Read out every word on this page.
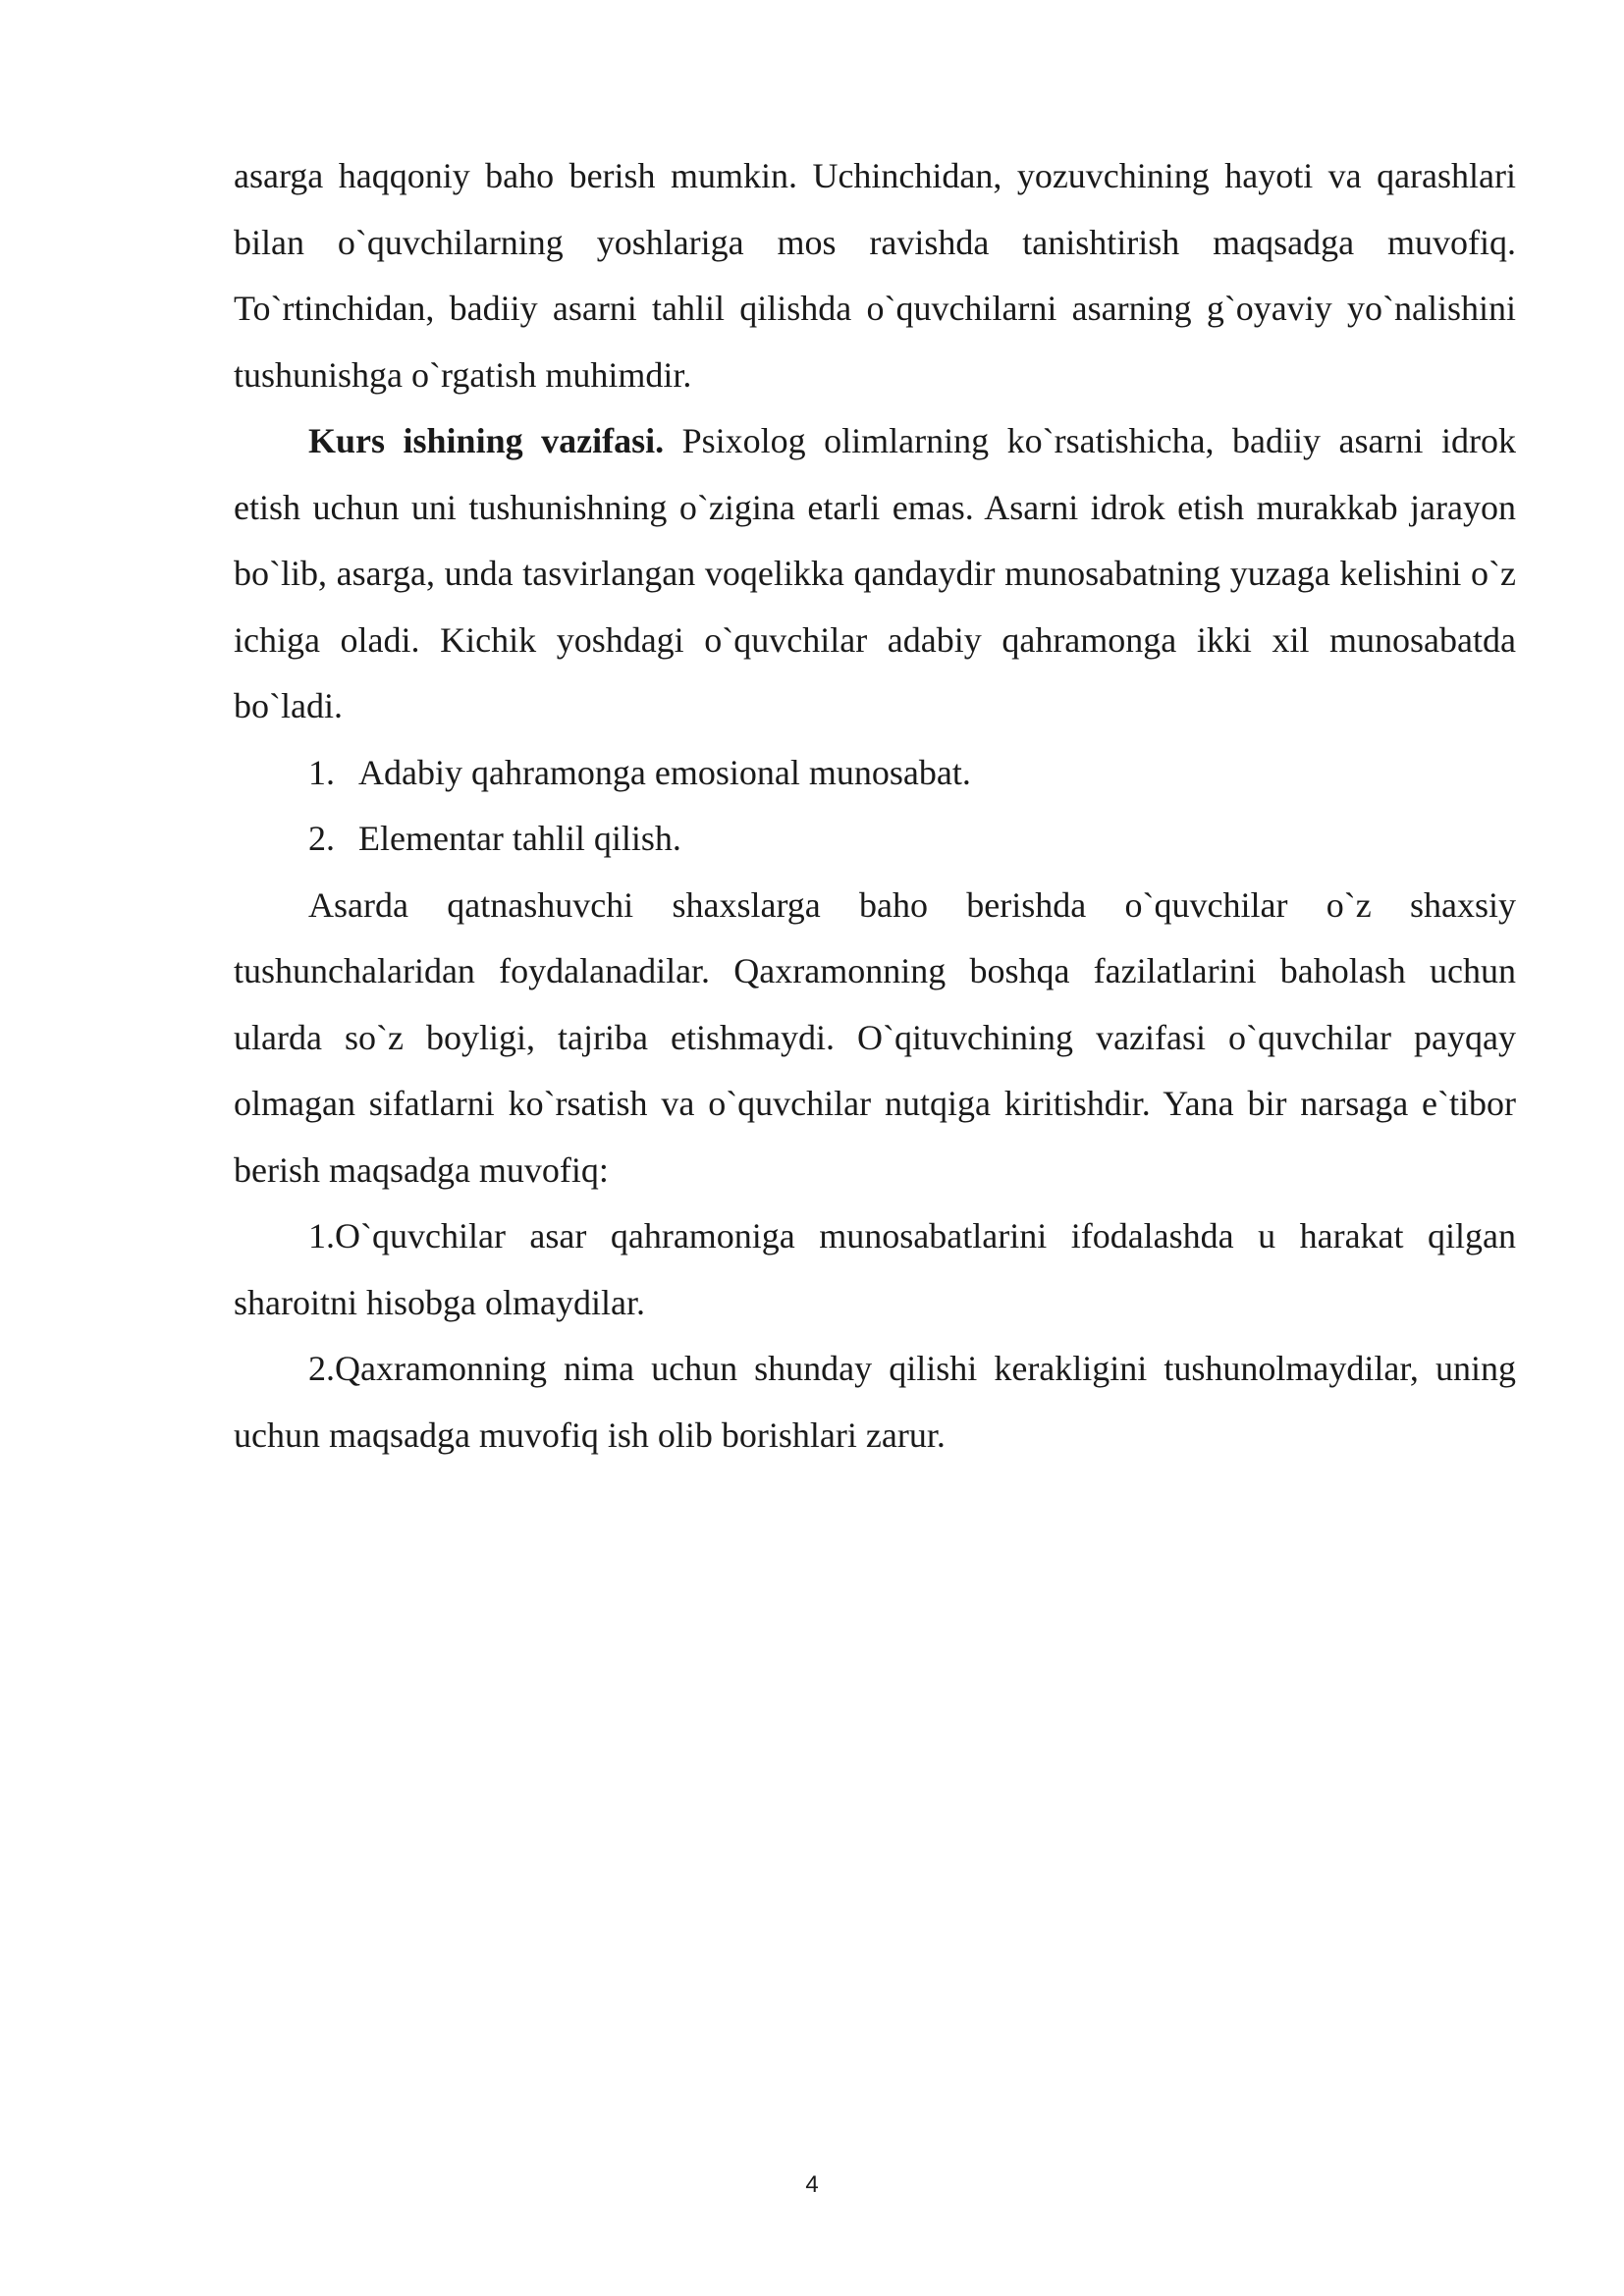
asarga haqqoniy baho berish mumkin. Uchinchidan, yozuvchining hayoti va qarashlari bilan o`quvchilarning yoshlariga mos ravishda tanishtirish maqsadga muvofiq. To`rtinchidan, badiiy asarni tahlil qilishda o`quvchilarni asarning g`oyaviy yo`nalishini tushunishga o`rgatish muhimdir.

Kurs ishining vazifasi. Psixolog olimlarning ko`rsatishicha, badiiy asarni idrok etish uchun uni tushunishning o`zigina etarli emas. Asarni idrok etish murakkab jarayon bo`lib, asarga, unda tasvirlangan voqelikka qandaydir munosabatning yuzaga kelishini o`z ichiga oladi. Kichik yoshdagi o`quvchilar adabiy qahramonga ikki xil munosabatda bo`ladi.

1. Adabiy qahramonga emosional munosabat.
2. Elementar tahlil qilish.

Asarda qatnashuvchi shaxslarga baho berishda o`quvchilar o`z shaxsiy tushunchalaridan foydalanadilar. Qaxramonning boshqa fazilatlarini baholash uchun ularda so`z boyligi, tajriba etishmaydi. O`qituvchining vazifasi o`quvchilar payqay olmagan sifatlarni ko`rsatish va o`quvchilar nutqiga kiritishdir. Yana bir narsaga e`tibor berish maqsadga muvofiq:

1.O`quvchilar asar qahramoniga munosabatlarini ifodalashda u harakat qilgan sharoitni hisobga olmaydilar.

2.Qaxramonning nima uchun shunday qilishi kerakligini tushunolmaydilar, uning uchun maqsadga muvofiq ish olib borishlari zarur.

4
